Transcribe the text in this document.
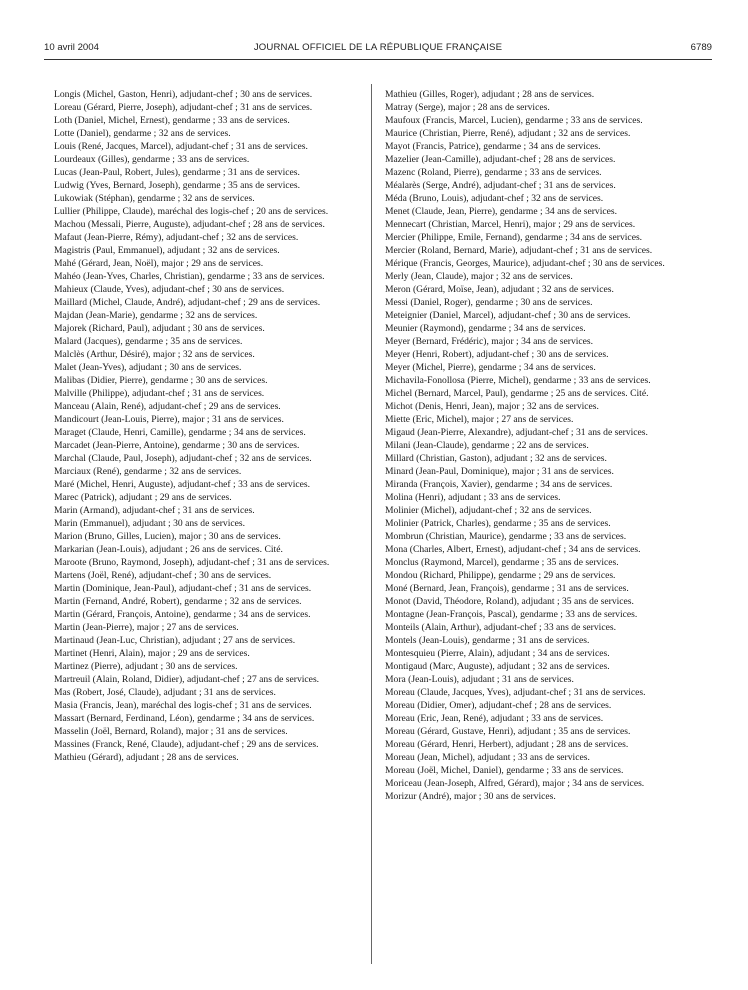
10 avril 2004	JOURNAL OFFICIEL DE LA RÉPUBLIQUE FRANÇAISE	6789

Longis (Michel, Gaston, Henri), adjudant-chef ; 30 ans de services.

Loreau (Gérard, Pierre, Joseph), adjudant-chef ; 31 ans de services.

Loth (Daniel, Michel, Ernest), gendarme ; 33 ans de services.

Lotte (Daniel), gendarme ; 32 ans de services.

Louis (René, Jacques, Marcel), adjudant-chef ; 31 ans de services.

Lourdeaux (Gilles), gendarme ; 33 ans de services.

Lucas (Jean-Paul, Robert, Jules), gendarme ; 31 ans de services.

Ludwig (Yves, Bernard, Joseph), gendarme ; 35 ans de services.

Lukowiak (Stéphan), gendarme ; 32 ans de services.

Lullier (Philippe, Claude), maréchal des logis-chef ; 20 ans de services.

Machou (Messali, Pierre, Auguste), adjudant-chef ; 28 ans de services.

Mafaut (Jean-Pierre, Rémy), adjudant-chef ; 32 ans de services.

Magistris (Paul, Emmanuel), adjudant ; 32 ans de services.

Mahé (Gérard, Jean, Noël), major ; 29 ans de services.

Mahéo (Jean-Yves, Charles, Christian), gendarme ; 33 ans de services.

Mahieux (Claude, Yves), adjudant-chef ; 30 ans de services.

Maillard (Michel, Claude, André), adjudant-chef ; 29 ans de services.

Majdan (Jean-Marie), gendarme ; 32 ans de services.

Majorek (Richard, Paul), adjudant ; 30 ans de services.

Malard (Jacques), gendarme ; 35 ans de services.

Malclès (Arthur, Désiré), major ; 32 ans de services.

Malet (Jean-Yves), adjudant ; 30 ans de services.

Malibas (Didier, Pierre), gendarme ; 30 ans de services.

Malville (Philippe), adjudant-chef ; 31 ans de services.

Manceau (Alain, René), adjudant-chef ; 29 ans de services.

Mandicourt (Jean-Louis, Pierre), major ; 31 ans de services.

Maraget (Claude, Henri, Camille), gendarme ; 34 ans de services.

Marcadet (Jean-Pierre, Antoine), gendarme ; 30 ans de services.

Marchal (Claude, Paul, Joseph), adjudant-chef ; 32 ans de services.

Marciaux (René), gendarme ; 32 ans de services.

Maré (Michel, Henri, Auguste), adjudant-chef ; 33 ans de services.

Marec (Patrick), adjudant ; 29 ans de services.

Marin (Armand), adjudant-chef ; 31 ans de services.

Marin (Emmanuel), adjudant ; 30 ans de services.

Marion (Bruno, Gilles, Lucien), major ; 30 ans de services.

Markarian (Jean-Louis), adjudant ; 26 ans de services. Cité.

Maroote (Bruno, Raymond, Joseph), adjudant-chef ; 31 ans de services.

Martens (Joël, René), adjudant-chef ; 30 ans de services.

Martin (Dominique, Jean-Paul), adjudant-chef ; 31 ans de services.

Martin (Fernand, André, Robert), gendarme ; 32 ans de services.

Martin (Gérard, François, Antoine), gendarme ; 34 ans de services.

Martin (Jean-Pierre), major ; 27 ans de services.

Martinaud (Jean-Luc, Christian), adjudant ; 27 ans de services.

Martinet (Henri, Alain), major ; 29 ans de services.

Martinez (Pierre), adjudant ; 30 ans de services.

Martreuil (Alain, Roland, Didier), adjudant-chef ; 27 ans de services.

Mas (Robert, José, Claude), adjudant ; 31 ans de services.

Masia (Francis, Jean), maréchal des logis-chef ; 31 ans de services.

Massart (Bernard, Ferdinand, Léon), gendarme ; 34 ans de services.

Masselin (Joël, Bernard, Roland), major ; 31 ans de services.

Massines (Franck, René, Claude), adjudant-chef ; 29 ans de services.

Mathieu (Gérard), adjudant ; 28 ans de services.

Mathieu (Gilles, Roger), adjudant ; 28 ans de services.

Matray (Serge), major ; 28 ans de services.

Maufoux (Francis, Marcel, Lucien), gendarme ; 33 ans de services.

Maurice (Christian, Pierre, René), adjudant ; 32 ans de services.

Mayot (Francis, Patrice), gendarme ; 34 ans de services.

Mazelier (Jean-Camille), adjudant-chef ; 28 ans de services.

Mazenc (Roland, Pierre), gendarme ; 33 ans de services.

Méalarès (Serge, André), adjudant-chef ; 31 ans de services.

Méda (Bruno, Louis), adjudant-chef ; 32 ans de services.

Menet (Claude, Jean, Pierre), gendarme ; 34 ans de services.

Mennecart (Christian, Marcel, Henri), major ; 29 ans de services.

Mercier (Philippe, Emile, Fernand), gendarme ; 34 ans de services.

Mercier (Roland, Bernard, Marie), adjudant-chef ; 31 ans de services.

Mérique (Francis, Georges, Maurice), adjudant-chef ; 30 ans de services.

Merly (Jean, Claude), major ; 32 ans de services.

Meron (Gérard, Moïse, Jean), adjudant ; 32 ans de services.

Messi (Daniel, Roger), gendarme ; 30 ans de services.

Meteignier (Daniel, Marcel), adjudant-chef ; 30 ans de services.

Meunier (Raymond), gendarme ; 34 ans de services.

Meyer (Bernard, Frédéric), major ; 34 ans de services.

Meyer (Henri, Robert), adjudant-chef ; 30 ans de services.

Meyer (Michel, Pierre), gendarme ; 34 ans de services.

Michavila-Fonollosa (Pierre, Michel), gendarme ; 33 ans de services.

Michel (Bernard, Marcel, Paul), gendarme ; 25 ans de services. Cité.

Michot (Denis, Henri, Jean), major ; 32 ans de services.

Miette (Eric, Michel), major ; 27 ans de services.

Migaud (Jean-Pierre, Alexandre), adjudant-chef ; 31 ans de services.

Milani (Jean-Claude), gendarme ; 22 ans de services.

Millard (Christian, Gaston), adjudant ; 32 ans de services.

Minard (Jean-Paul, Dominique), major ; 31 ans de services.

Miranda (François, Xavier), gendarme ; 34 ans de services.

Molina (Henri), adjudant ; 33 ans de services.

Molinier (Michel), adjudant-chef ; 32 ans de services.

Molinier (Patrick, Charles), gendarme ; 35 ans de services.

Mombrun (Christian, Maurice), gendarme ; 33 ans de services.

Mona (Charles, Albert, Ernest), adjudant-chef ; 34 ans de services.

Monclus (Raymond, Marcel), gendarme ; 35 ans de services.

Mondou (Richard, Philippe), gendarme ; 29 ans de services.

Moné (Bernard, Jean, François), gendarme ; 31 ans de services.

Monot (David, Théodore, Roland), adjudant ; 35 ans de services.

Montagne (Jean-François, Pascal), gendarme ; 33 ans de services.

Monteils (Alain, Arthur), adjudant-chef ; 33 ans de services.

Montels (Jean-Louis), gendarme ; 31 ans de services.

Montesquieu (Pierre, Alain), adjudant ; 34 ans de services.

Montigaud (Marc, Auguste), adjudant ; 32 ans de services.

Mora (Jean-Louis), adjudant ; 31 ans de services.

Moreau (Claude, Jacques, Yves), adjudant-chef ; 31 ans de services.

Moreau (Didier, Omer), adjudant-chef ; 28 ans de services.

Moreau (Eric, Jean, René), adjudant ; 33 ans de services.

Moreau (Gérard, Gustave, Henri), adjudant ; 35 ans de services.

Moreau (Gérard, Henri, Herbert), adjudant ; 28 ans de services.

Moreau (Jean, Michel), adjudant ; 33 ans de services.

Moreau (Joël, Michel, Daniel), gendarme ; 33 ans de services.

Moriceau (Jean-Joseph, Alfred, Gérard), major ; 34 ans de services.

Morizur (André), major ; 30 ans de services.
